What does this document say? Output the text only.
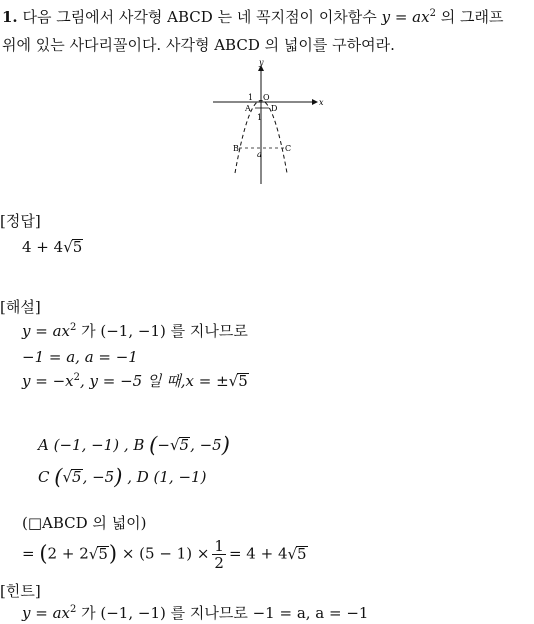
1. 다음 그림에서 사각형 ABCD 는 네 꼭지점이 이차함수 $y = ax^2$ 의 그래프
위에 있는 사다리꼴이다. 사각형 ABCD 의 넓이를 구하여라.
x
y
O
1
1
A	D
B	C
a
[정답]
4 + 4√5
[해설]
$y = ax^2$ 가 (−1, −1) 를 지나므로
−1 = a, a = −1
$y = -x^2$, y = −5 일 때,x = ±√5
A (−1, −1) , B (−√5, −5)
C (√5, −5) , D (1, −1)
(□ABCD 의 넓이)
= $(2 + 2√5) \times (5 - 1) \times \frac{1}{2} = 4 + 4√5$
[힌트]
$y = ax^2$ 가 (−1, −1) 를 지나므로 −1 = a, a = −1
